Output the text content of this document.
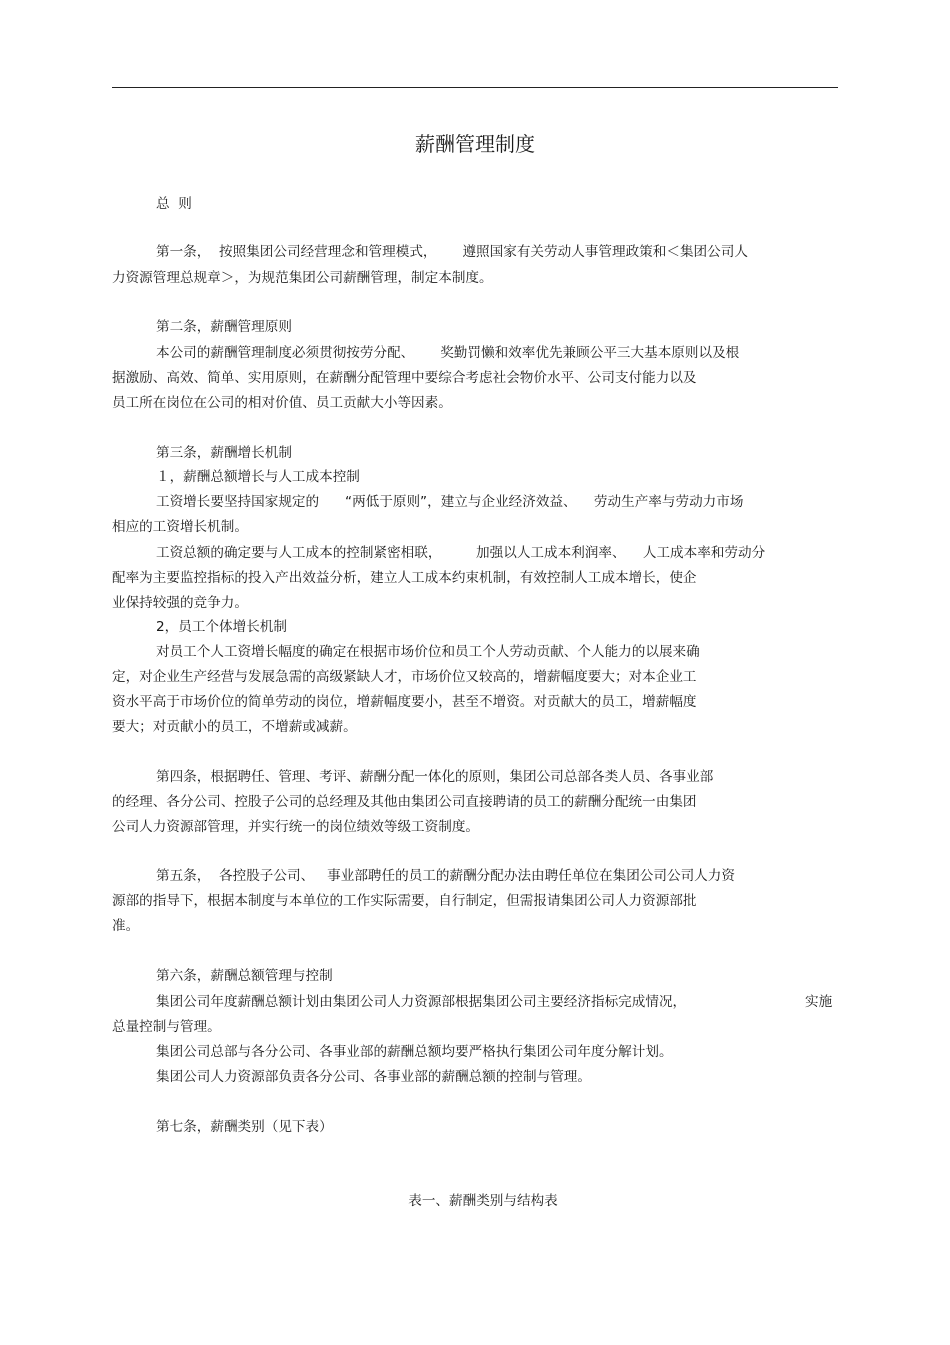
薪酬管理制度
总  则
第一条，  按照集团公司经营理念和管理模式，      遵照国家有关劳动人事管理政策和＜集团公司人
力资源管理总规章＞，为规范集团公司薪酬管理，制定本制度。
第二条，薪酬管理原则
本公司的薪酬管理制度必须贯彻按劳分配、      奖勤罚懒和效率优先兼顾公平三大基本原则以及根
据激励、高效、简单、实用原则，在薪酬分配管理中要综合考虑社会物价水平、公司支付能力以及
员工所在岗位在公司的相对价值、员工贡献大小等因素。
第三条，薪酬增长机制
１，薪酬总额增长与人工成本控制
工资增长要坚持国家规定的      “两低于原则”，建立与企业经济效益、    劳动生产率与劳动力市场
相应的工资增长机制。
工资总额的确定要与人工成本的控制紧密相联，        加强以人工成本利润率、    人工成本率和劳动分
配率为主要监控指标的投入产出效益分析，建立人工成本约束机制，有效控制人工成本增长，使企
业保持较强的竞争力。
2，员工个体增长机制
对员工个人工资增长幅度的确定在根据市场价位和员工个人劳动贡献、个人能力的以展来确
定，对企业生产经营与发展急需的高级紧缺人才，市场价位又较高的，增薪幅度要大；对本企业工
资水平高于市场价位的简单劳动的岗位，增薪幅度要小，甚至不增资。对贡献大的员工，增薪幅度
要大；对贡献小的员工，不增薪或减薪。
第四条，根据聘任、管理、考评、薪酬分配一体化的原则，集团公司总部各类人员、各事业部
的经理、各分公司、控股子公司的总经理及其他由集团公司直接聘请的员工的薪酬分配统一由集团
公司人力资源部管理，并实行统一的岗位绩效等级工资制度。
第五条，  各控股子公司、   事业部聘任的员工的薪酬分配办法由聘任单位在集团公司公司人力资
源部的指导下，根据本制度与本单位的工作实际需要，自行制定，但需报请集团公司人力资源部批
准。
第六条，薪酬总额管理与控制
集团公司年度薪酬总额计划由集团公司人力资源部根据集团公司主要经济指标完成情况，	实施
总量控制与管理。
集团公司总部与各分公司、各事业部的薪酬总额均要严格执行集团公司年度分解计划。
集团公司人力资源部负责各分公司、各事业部的薪酬总额的控制与管理。
第七条，薪酬类别（见下表）
表一、薪酬类别与结构表
